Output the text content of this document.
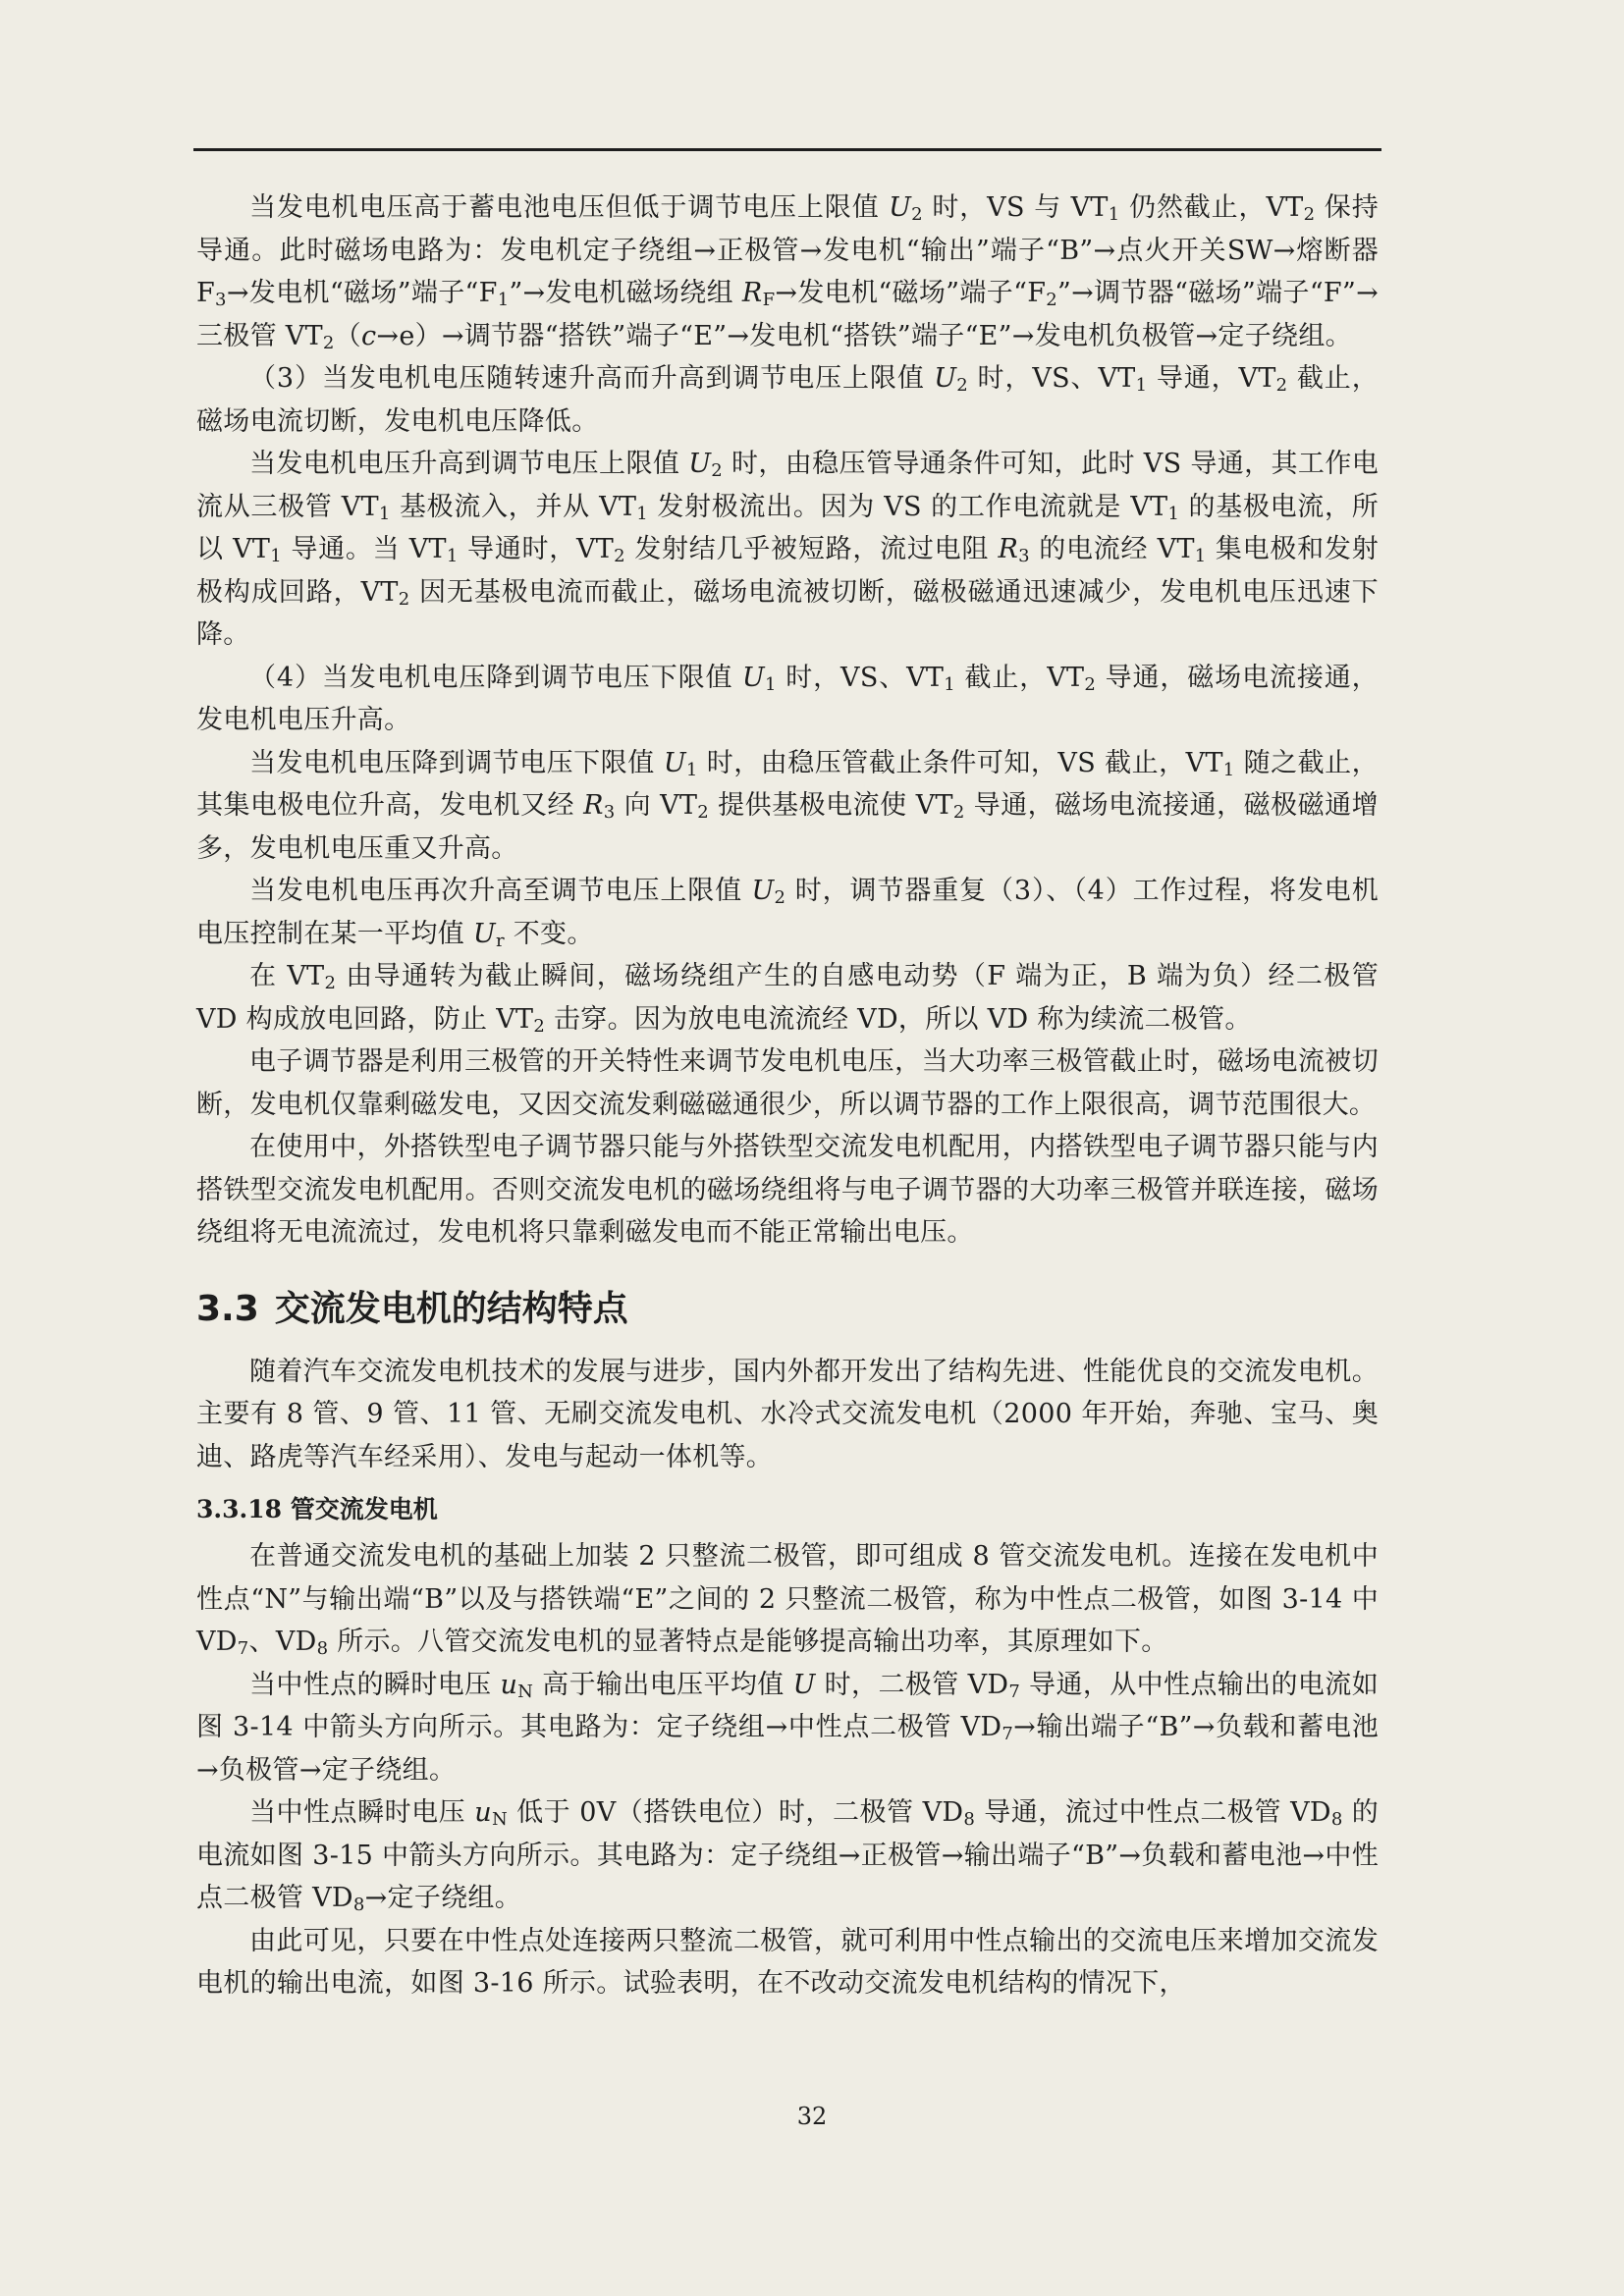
当发电机电压高于蓄电池电压但低于调节电压上限值 $U_2$ 时，VS 与 $VT_1$ 仍然截止，$VT_2$ 保持导通。此时磁场电路为：发电机定子绕组→正极管→发电机“输出”端子“B”→点火开关SW→熔断器 $F_3\to$发电机“磁场”端子“$F_1”\to$发电机磁场绕组 $R_F\to$发电机“磁场”端子“$F_2”\to$调节器“磁场”端子“F”→三极管 $VT_2(c\to e)\to$调节器“搭铁”端子“E”→发电机“搭铁”端子“E”→发电机负极管→定子绕组。

（3）当发电机电压随转速升高而升高到调节电压上限值 $U_2$ 时，VS、$VT_1$ 导通，$VT_2$ 截止，磁场电流切断，发电机电压降低。

当发电机电压升高到调节电压上限值 $U_2$ 时，由稳压管导通条件可知，此时 VS 导通，其工作电流从三极管 $VT_1$ 基极流入，并从 $VT_1$ 发射极流出。因为 VS 的工作电流就是 $VT_1$ 的基极电流，所以 $VT_1$ 导通。当 $VT_1$ 导通时，$VT_2$ 发射结几乎被短路，流过电阻 $R_3$ 的电流经 $VT_1$ 集电极和发射极构成回路，$VT_2$ 因无基极电流而截止，磁场电流被切断，磁极磁通迅速减少，发电机电压迅速下降。

（4）当发电机电压降到调节电压下限值 $U_1$ 时，VS、$VT_1$ 截止，$VT_2$ 导通，磁场电流接通，发电机电压升高。

当发电机电压降到调节电压下限值 $U_1$ 时，由稳压管截止条件可知，VS 截止，$VT_1$ 随之截止，其集电极电位升高，发电机又经 $R_3$ 向 $VT_2$ 提供基极电流使 $VT_2$ 导通，磁场电流接通，磁极磁通增多，发电机电压重又升高。

当发电机电压再次升高至调节电压上限值 $U_2$ 时，调节器重复（3）、（4）工作过程，将发电机电压控制在某一平均值 $U_r$ 不变。

在 $VT_2$ 由导通转为截止瞬间，磁场绕组产生的自感电动势（F 端为正，B 端为负）经二极管 VD 构成放电回路，防止 $VT_2$ 击穿。因为放电电流流经 VD，所以 VD 称为续流二极管。

电子调节器是利用三极管的开关特性来调节发电机电压，当大功率三极管截止时，磁场电流被切断，发电机仅靠剩磁发电，又因交流发剩磁磁通很少，所以调节器的工作上限很高，调节范围很大。

在使用中，外搭铁型电子调节器只能与外搭铁型交流发电机配用，内搭铁型电子调节器只能与内搭铁型交流发电机配用。否则交流发电机的磁场绕组将与电子调节器的大功率三极管并联连接，磁场绕组将无电流流过，发电机将只靠剩磁发电而不能正常输出电压。

3.3 交流发电机的结构特点

随着汽车交流发电机技术的发展与进步，国内外都开发出了结构先进、性能优良的交流发电机。主要有 8 管、9 管、11 管、无刷交流发电机、水冷式交流发电机（2000 年开始，奔驰、宝马、奥迪、路虎等汽车经采用）、发电与起动一体机等。

3.3.18 管交流发电机

在普通交流发电机的基础上加装 2 只整流二极管，即可组成 8 管交流发电机。连接在发电机中性点“N”与输出端“B”以及与搭铁端“E”之间的 2 只整流二极管，称为中性点二极管，如图 3-14 中 $VD_7$、$VD_8$ 所示。八管交流发电机的显著特点是能够提高输出功率，其原理如下。

当中性点的瞬时电压 $u_N$ 高于输出电压平均值 U 时，二极管 $VD_7$ 导通，从中性点输出的电流如图 3-14 中箭头方向所示。其电路为：定子绕组→中性点二极管 $VD_7\to$输出端子“B”→负载和蓄电池→负极管→定子绕组。

当中性点瞬时电压 $u_N$ 低于 0V（搭铁电位）时，二极管 $VD_8$ 导通，流过中性点二极管 $VD_8$ 的电流如图 3-15 中箭头方向所示。其电路为：定子绕组→正极管→输出端子“B”→负载和蓄电池→中性点二极管 $VD_8\to$定子绕组。

由此可见，只要在中性点处连接两只整流二极管，就可利用中性点输出的交流电压来增加交流发电机的输出电流，如图 3-16 所示。试验表明，在不改动交流发电机结构的情况下，

32
